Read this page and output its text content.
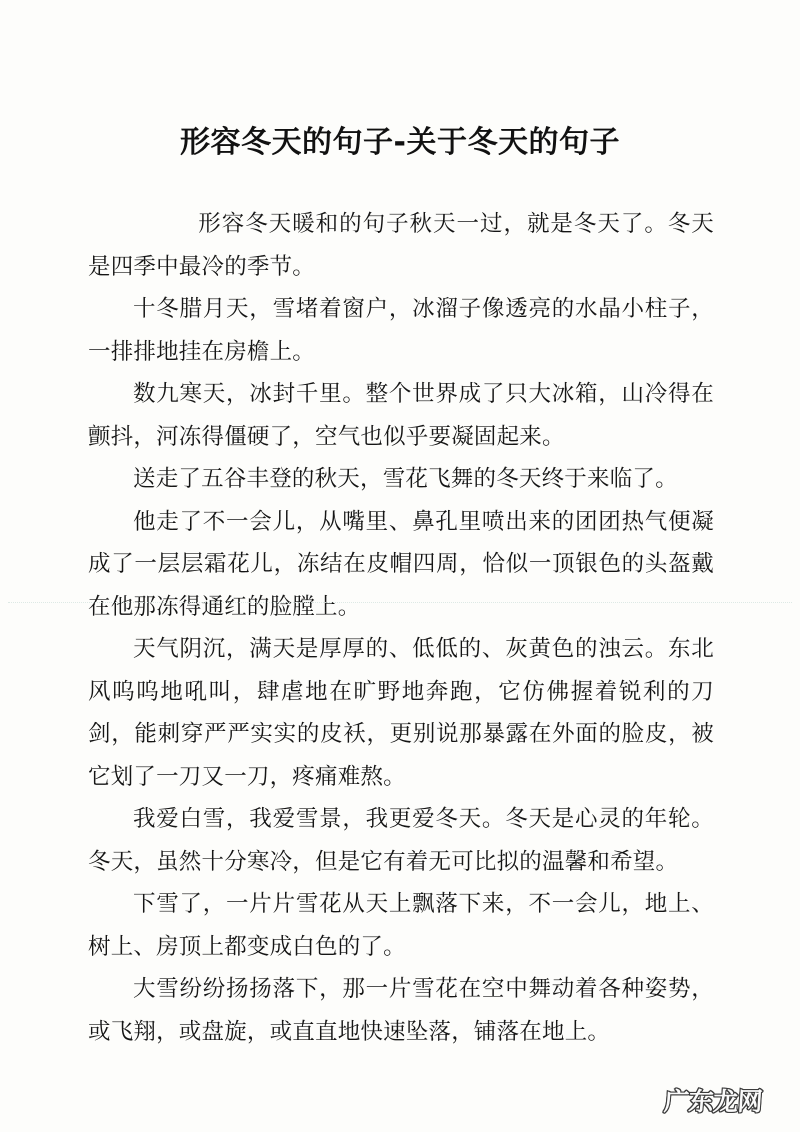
形容冬天的句子-关于冬天的句子

形容冬天暖和的句子秋天一过，就是冬天了。冬天是四季中最冷的季节。

十冬腊月天，雪堵着窗户，冰溜子像透亮的水晶小柱子，一排排地挂在房檐上。

数九寒天，冰封千里。整个世界成了只大冰箱，山冷得在颤抖，河冻得僵硬了，空气也似乎要凝固起来。

送走了五谷丰登的秋天，雪花飞舞的冬天终于来临了。

他走了不一会儿，从嘴里、鼻孔里喷出来的团团热气便凝成了一层层霜花儿，冻结在皮帽四周，恰似一顶银色的头盔戴在他那冻得通红的脸膛上。

天气阴沉，满天是厚厚的、低低的、灰黄色的浊云。东北风呜呜地吼叫，肆虐地在旷野地奔跑，它仿佛握着锐利的刀剑，能刺穿严严实实的皮袄，更别说那暴露在外面的脸皮，被它划了一刀又一刀，疼痛难熬。

我爱白雪，我爱雪景，我更爱冬天。冬天是心灵的年轮。冬天，虽然十分寒冷，但是它有着无可比拟的温馨和希望。

下雪了，一片片雪花从天上飘落下来，不一会儿，地上、树上、房顶上都变成白色的了。

大雪纷纷扬扬落下，那一片雪花在空中舞动着各种姿势，或飞翔，或盘旋，或直直地快速坠落，铺落在地上。

广东龙网
